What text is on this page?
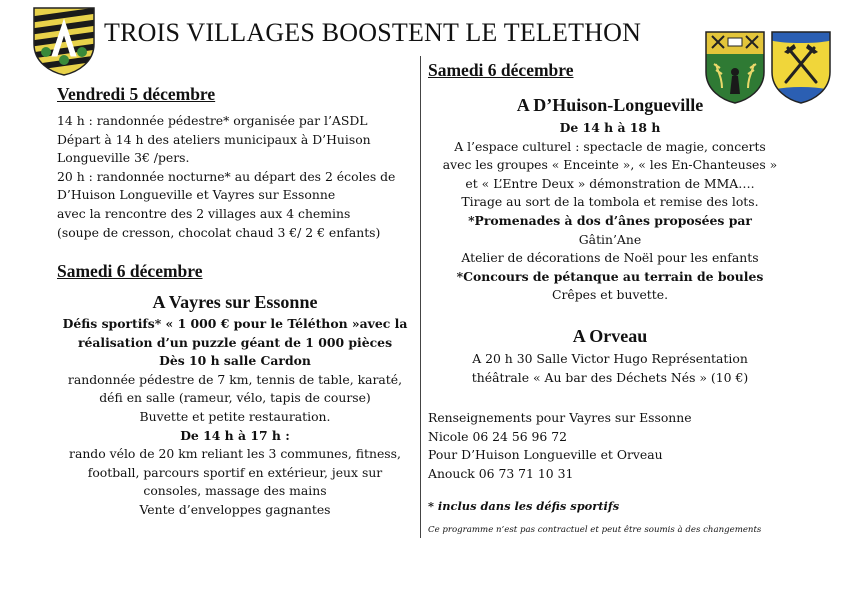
TROIS VILLAGES BOOSTENT LE TELETHON
Vendredi 5 décembre
14 h : randonnée pédestre* organisée par l’ASDL
Départ à 14 h des ateliers municipaux à D’Huison
Longueville 3€ /pers.
20 h : randonnée nocturne* au départ des 2 écoles de
D’Huison Longueville et Vayres sur Essonne
avec la rencontre des 2 villages aux 4 chemins
(soupe de cresson, chocolat chaud 3 €/ 2 € enfants)
Samedi 6 décembre
A Vayres sur Essonne
Défis sportifs* « 1 000 € pour le Téléthon »avec la
réalisation d’un puzzle géant de 1 000 pièces
Dès 10 h salle Cardon
randonnée pédestre de 7 km, tennis de table, karaté,
défi en salle (rameur, vélo, tapis de course)
Buvette et petite restauration.
De 14 h à 17 h :
rando vélo de 20 km reliant les 3 communes, fitness,
football, parcours sportif en extérieur, jeux sur
consoles, massage des mains
Vente d’enveloppes gagnantes
Samedi 6 décembre
A D’Huison-Longueville
De 14 h à 18 h
A l’espace culturel : spectacle de magie, concerts
avec les groupes « Enceinte », « les En-Chanteuses »
et « L’Entre Deux » démonstration de MMA….
Tirage au sort de la tombola et remise des lots.
*Promenades à dos d’ânes proposées par
Gâtin’Ane
Atelier de décorations de Noël pour les enfants
*Concours de pétanque au terrain de boules
Crêpes et buvette.
A Orveau
A 20 h 30 Salle Victor Hugo Représentation
théâtrale « Au bar des Déchets Nés » (10 €)
Renseignements pour Vayres sur Essonne
Nicole 06 24 56 96 72
Pour D’Huison Longueville et Orveau
Anouck 06 73 71 10 31
* inclus dans les défis sportifs
Ce programme n’est pas contractuel et peut être soumis à des changements
